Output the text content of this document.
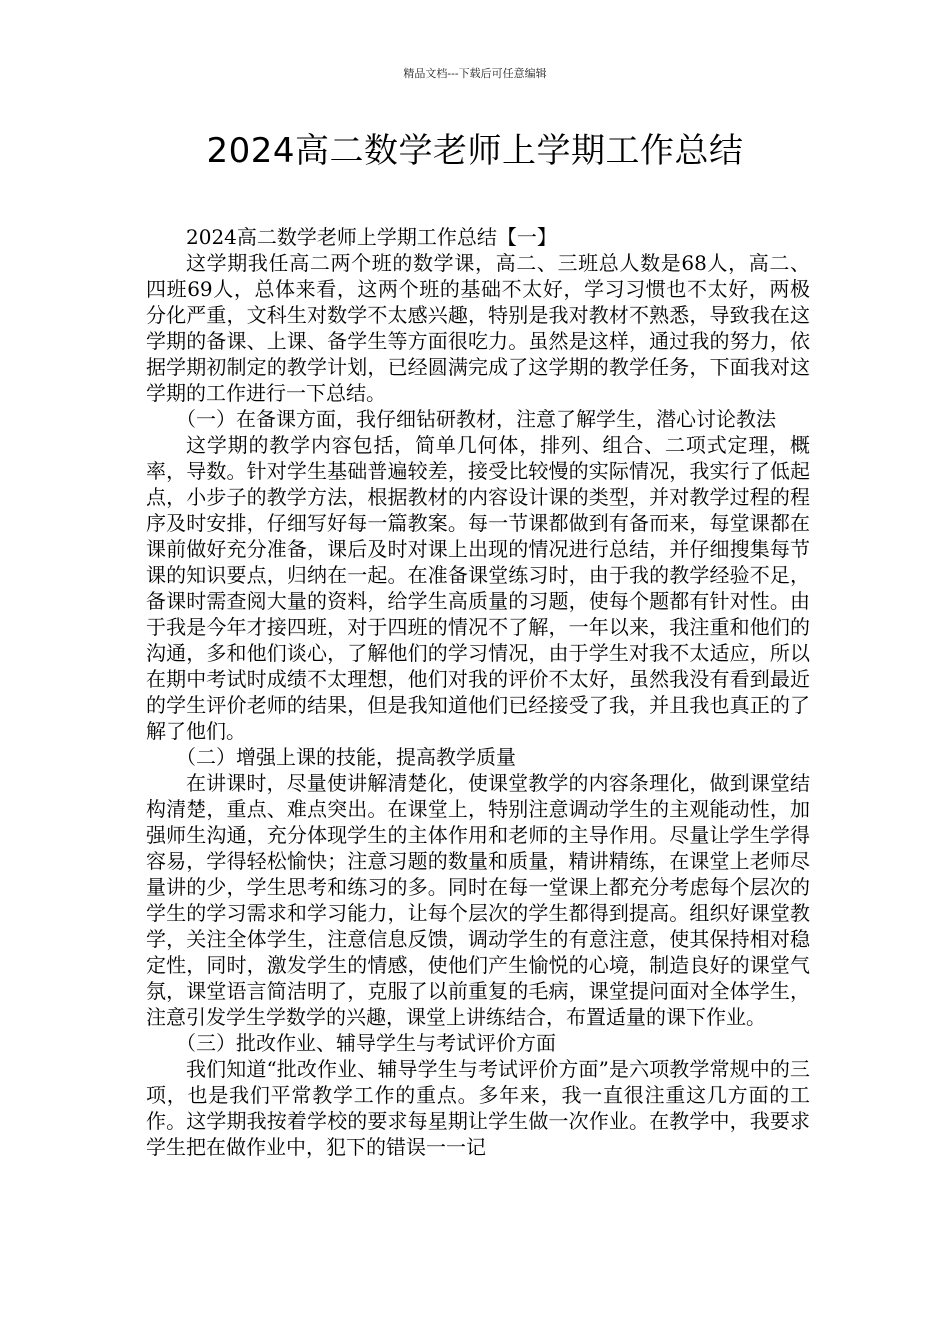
精品文档---下载后可任意编辑
2024高二数学老师上学期工作总结

2024高二数学老师上学期工作总结【一】

这学期我任高二两个班的数学课，高二、三班总人数是68人，高二、四班69人，总体来看，这两个班的基础不太好，学习习惯也不太好，两极分化严重，文科生对数学不太感兴趣，特别是我对教材不熟悉，导致我在这学期的备课、上课、备学生等方面很吃力。虽然是这样，通过我的努力，依据学期初制定的教学计划，已经圆满完成了这学期的教学任务，下面我对这学期的工作进行一下总结。

（一）在备课方面，我仔细钻研教材，注意了解学生，潜心讨论教法

这学期的教学内容包括，简单几何体，排列、组合、二项式定理，概率，导数。针对学生基础普遍较差，接受比较慢的实际情况，我实行了低起点，小步子的教学方法，根据教材的内容设计课的类型，并对教学过程的程序及时安排，仔细写好每一篇教案。每一节课都做到有备而来，每堂课都在课前做好充分准备，课后及时对课上出现的情况进行总结，并仔细搜集每节课的知识要点，归纳在一起。在准备课堂练习时，由于我的教学经验不足，备课时需查阅大量的资料，给学生高质量的习题，使每个题都有针对性。由于我是今年才接四班，对于四班的情况不了解，一年以来，我注重和他们的沟通，多和他们谈心，了解他们的学习情况，由于学生对我不太适应，所以在期中考试时成绩不太理想，他们对我的评价不太好，虽然我没有看到最近的学生评价老师的结果，但是我知道他们已经接受了我，并且我也真正的了解了他们。

（二）增强上课的技能，提高教学质量

在讲课时，尽量使讲解清楚化，使课堂教学的内容条理化，做到课堂结构清楚，重点、难点突出。在课堂上，特别注意调动学生的主观能动性，加强师生沟通，充分体现学生的主体作用和老师的主导作用。尽量让学生学得容易，学得轻松愉快；注意习题的数量和质量，精讲精练，在课堂上老师尽量讲的少，学生思考和练习的多。同时在每一堂课上都充分考虑每个层次的学生的学习需求和学习能力，让每个层次的学生都得到提高。组织好课堂教学，关注全体学生，注意信息反馈，调动学生的有意注意，使其保持相对稳定性，同时，激发学生的情感，使他们产生愉悦的心境，制造良好的课堂气氛，课堂语言简洁明了，克服了以前重复的毛病，课堂提问面对全体学生，注意引发学生学数学的兴趣，课堂上讲练结合，布置适量的课下作业。

（三）批改作业、辅导学生与考试评价方面

我们知道“批改作业、辅导学生与考试评价方面”是六项教学常规中的三项，也是我们平常教学工作的重点。多年来，我一直很注重这几方面的工作。这学期我按着学校的要求每星期让学生做一次作业。在教学中，我要求学生把在做作业中，犯下的错误一一记
